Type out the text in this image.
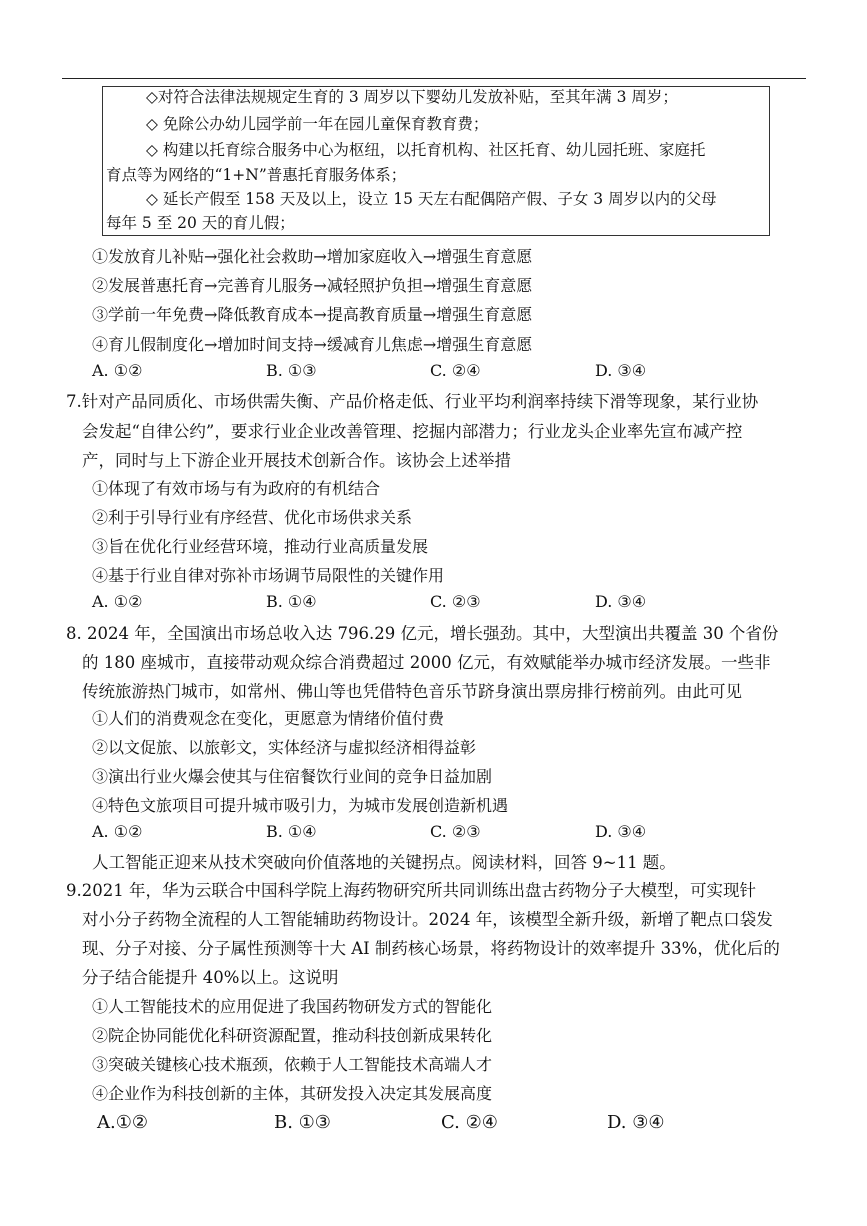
◇对符合法律法规规定生育的 3 周岁以下婴幼儿发放补贴，至其年满 3 周岁；
◇ 免除公办幼儿园学前一年在园儿童保育教育费；
◇ 构建以托育综合服务中心为枢纽，以托育机构、社区托育、幼儿园托班、家庭托
育点等为网络的“1+N”普惠托育服务体系；
◇ 延长产假至 158 天及以上，设立 15 天左右配偶陪产假、子女 3 周岁以内的父母
每年 5 至 20 天的育儿假；
①发放育儿补贴→强化社会救助→增加家庭收入→增强生育意愿
②发展普惠托育→完善育儿服务→减轻照护负担→增强生育意愿
③学前一年免费→降低教育成本→提高教育质量→增强生育意愿
④育儿假制度化→增加时间支持→缓减育儿焦虑→增强生育意愿
A. ①②	B. ①③	C. ②④	D. ③④
7.针对产品同质化、市场供需失衡、产品价格走低、行业平均利润率持续下滑等现象，某行业协
会发起“自律公约”，要求行业企业改善管理、挖掘内部潜力；行业龙头企业率先宣布减产控
产，同时与上下游企业开展技术创新合作。该协会上述举措
①体现了有效市场与有为政府的有机结合
②利于引导行业有序经营、优化市场供求关系
③旨在优化行业经营环境，推动行业高质量发展
④基于行业自律对弥补市场调节局限性的关键作用
A. ①②	B. ①④	C. ②③	D. ③④
8. 2024 年，全国演出市场总收入达 796.29 亿元，增长强劲。其中，大型演出共覆盖 30 个省份
的 180 座城市，直接带动观众综合消费超过 2000 亿元，有效赋能举办城市经济发展。一些非
传统旅游热门城市，如常州、佛山等也凭借特色音乐节跻身演出票房排行榜前列。由此可见
①人们的消费观念在变化，更愿意为情绪价值付费
②以文促旅、以旅彰文，实体经济与虚拟经济相得益彰
③演出行业火爆会使其与住宿餐饮行业间的竞争日益加剧
④特色文旅项目可提升城市吸引力，为城市发展创造新机遇
A. ①②	B. ①④	C. ②③	D. ③④
人工智能正迎来从技术突破向价值落地的关键拐点。阅读材料，回答 9~11 题。
9.2021 年，华为云联合中国科学院上海药物研究所共同训练出盘古药物分子大模型，可实现针
对小分子药物全流程的人工智能辅助药物设计。2024 年，该模型全新升级，新增了靶点口袋发
现、分子对接、分子属性预测等十大 AI 制药核心场景，将药物设计的效率提升 33%，优化后的
分子结合能提升 40%以上。这说明
①人工智能技术的应用促进了我国药物研发方式的智能化
②院企协同能优化科研资源配置，推动科技创新成果转化
③突破关键核心技术瓶颈，依赖于人工智能技术高端人才
④企业作为科技创新的主体，其研发投入决定其发展高度
A.①②	B. ①③	C. ②④	D. ③④
